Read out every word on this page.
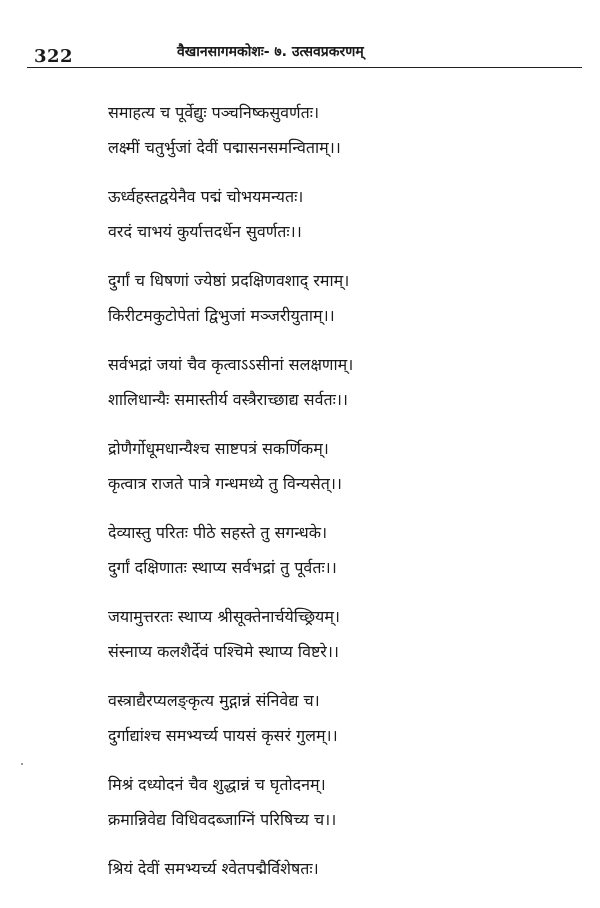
322	वैखानसागमकोशः- ७. उत्सवप्रकरणम्
समाहत्य च पूर्वेद्युः पञ्चनिष्कसुवर्णतः।
लक्ष्मीं चतुर्भुजां देवीं पद्मासनसमन्विताम्।।
ऊर्ध्वहस्तद्वयेनैव पद्मं चोभयमन्यतः।
वरदं चाभयं कुर्यात्तदर्धेन सुवर्णतः।।
दुर्गां च धिषणां ज्येष्ठां प्रदक्षिणवशाद् रमाम्।
किरीटमकुटोपेतां द्विभुजां मञ्जरीयुताम्।।
सर्वभद्रां जयां चैव कृत्वाऽऽसीनां सलक्षणाम्।
शालिधान्यैः समास्तीर्य वस्त्रैराच्छाद्य सर्वतः।।
द्रोणैर्गोधूमधान्यैश्च साष्टपत्रं सकर्णिकम्।
कृत्वात्र राजते पात्रे गन्धमध्ये तु विन्यसेत्।।
देव्यास्तु परितः पीठे सहस्ते तु सगन्धके।
दुर्गां दक्षिणातः स्थाप्य सर्वभद्रां तु पूर्वतः।।
जयामुत्तरतः स्थाप्य श्रीसूक्तेनार्चयेच्छ्रियम्।
संस्नाप्य कलशैर्देवं पश्चिमे स्थाप्य विष्टरे।।
वस्त्राद्यैरप्यलङ्कृत्य मुद्गान्नं संनिवेद्य च।
दुर्गाद्यांश्च समभ्यर्च्य पायसं कृसरं गुलम्।।
मिश्रं दध्योदनं चैव शुद्धान्नं च घृतोदनम्।
क्रमान्निवेद्य विधिवदब्जाग्निं परिषिच्य च।।
श्रियं देवीं समभ्यर्च्य श्वेतपद्मैर्विशेषतः।
